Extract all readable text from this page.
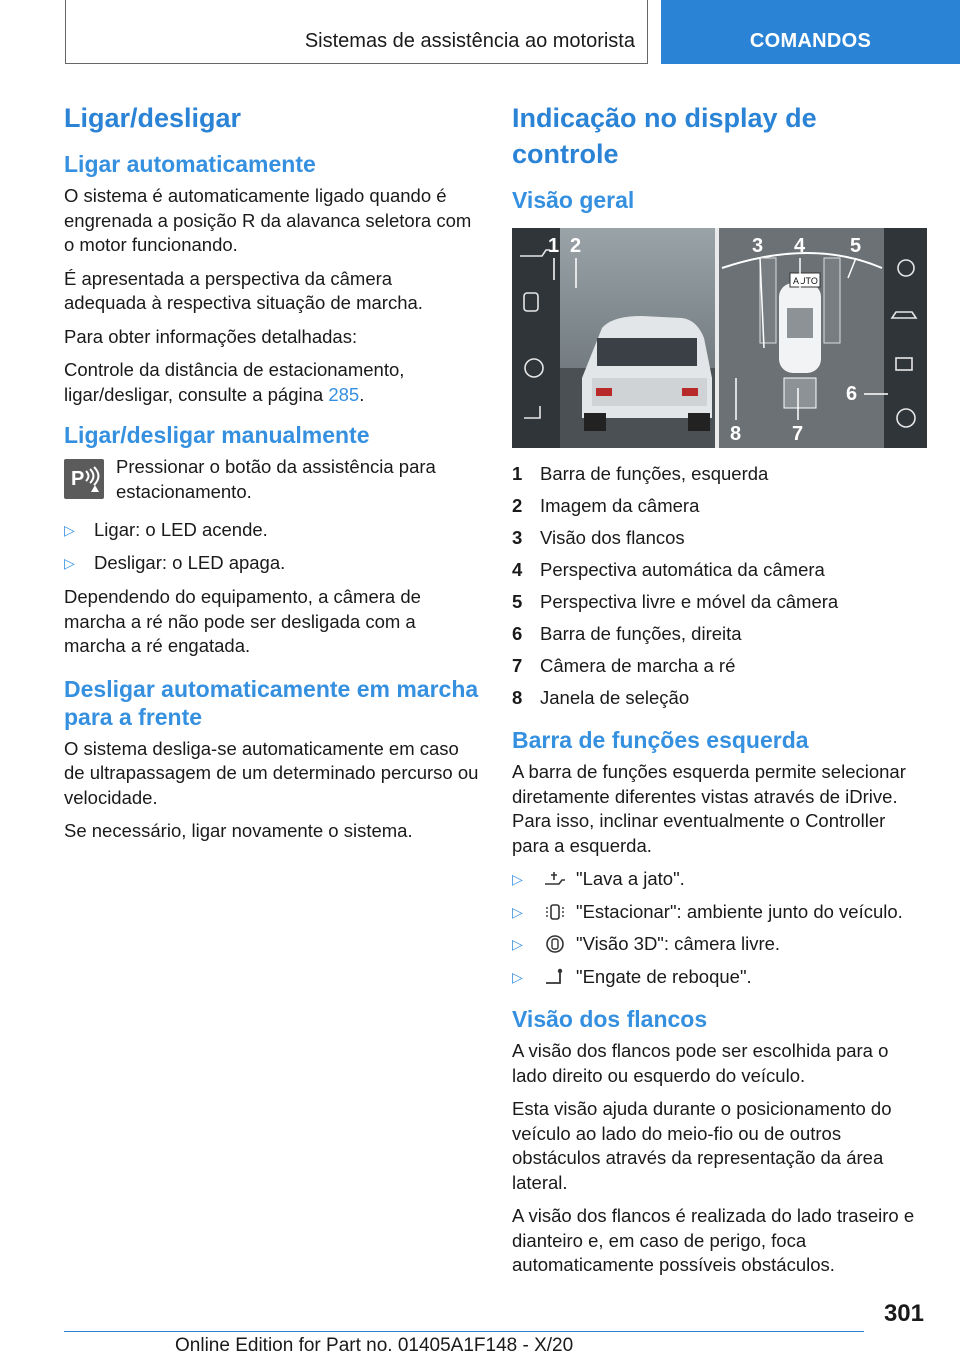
Sistemas de assistência ao motorista	COMANDOS
Ligar/desligar
Ligar automaticamente

O sistema é automaticamente ligado quando é engrenada a posição R da alavanca seletora com o motor funcionando.

É apresentada a perspectiva da câmera adequada à respectiva situação de marcha.

Para obter informações detalhadas:

Controle da distância de estacionamento, ligar/desligar, consulte a página 285.

Ligar/desligar manualmente
P

Pressionar o botão da assistência para estacionamento.

▷	Ligar: o LED acende.
▷	Desligar: o LED apaga.

Dependendo do equipamento, a câmera de marcha a ré não pode ser desligada com a marcha a ré engatada.

Desligar automaticamente em marcha para a frente

O sistema desliga-se automaticamente em caso de ultrapassagem de um determinado percurso ou velocidade.

Se necessário, ligar novamente o sistema.

Indicação no display de controle
Visão geral
AUTO
1 2	3 4 5
6
7
8
1 Barra de funções, esquerda
2 Imagem da câmera
3 Visão dos flancos
4 Perspectiva automática da câmera
5 Perspectiva livre e móvel da câmera
6 Barra de funções, direita
7 Câmera de marcha a ré
8 Janela de seleção
Barra de funções esquerda

A barra de funções esquerda permite selecionar diretamente diferentes vistas através de iDrive. Para isso, inclinar eventualmente o Controller para a esquerda.

▷	"Lava a jato".
▷	"Estacionar": ambiente junto do veículo.
▷	"Visão 3D": câmera livre.
▷	"Engate de reboque".
Visão dos flancos

A visão dos flancos pode ser escolhida para o lado direito ou esquerdo do veículo.

Esta visão ajuda durante o posicionamento do veículo ao lado do meio-fio ou de outros obstáculos através da representação da área lateral.

A visão dos flancos é realizada do lado traseiro e dianteiro e, em caso de perigo, foca automaticamente possíveis obstáculos.

301
Online Edition for Part no. 01405A1F148 - X/20
